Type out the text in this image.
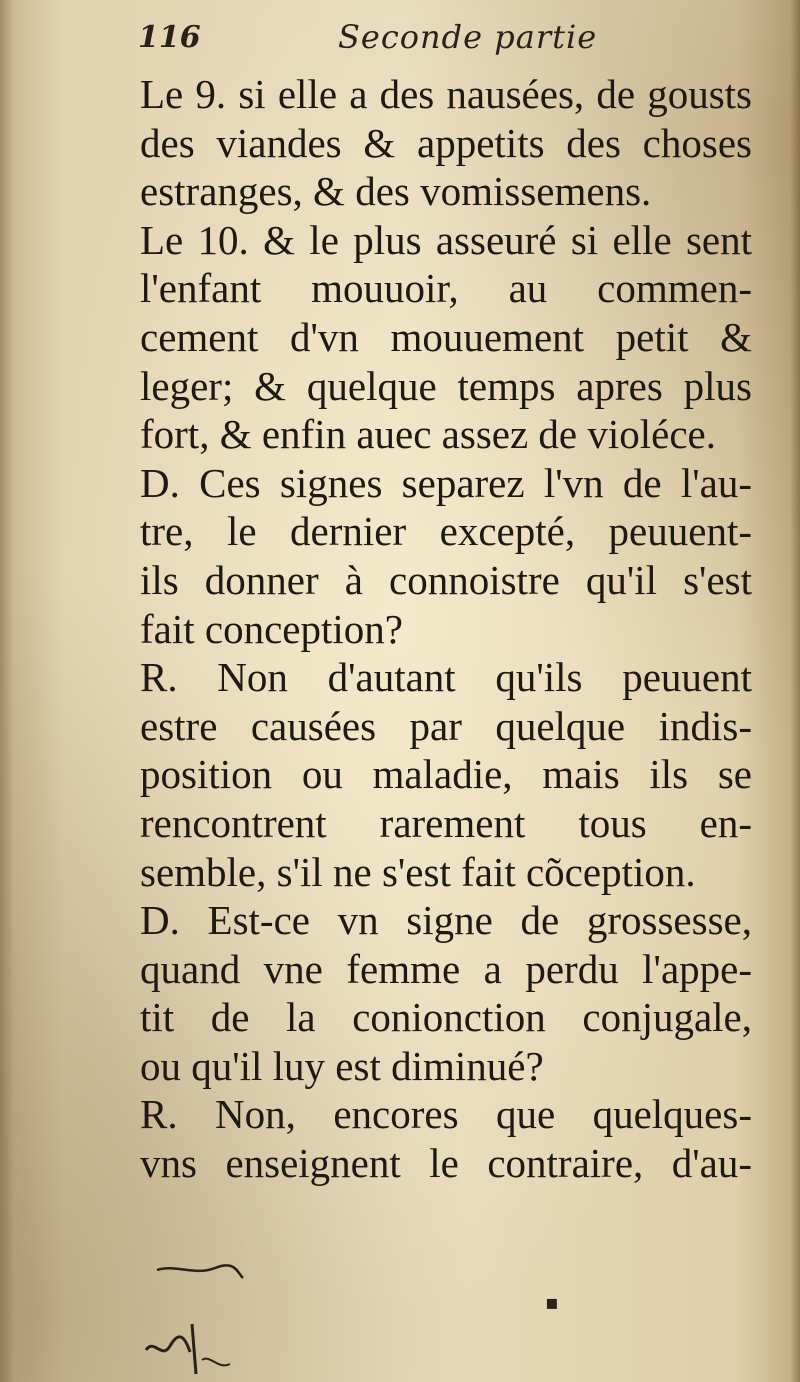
116	Seconde partie
Le 9. si elle a des nausées, de gousts
des viandes & appetits des choses
estranges, & des vomissemens.
Le 10. & le plus asseuré si elle sent
l'enfant mouuoir, au commen-
cement d'vn mouuement petit &
leger; & quelque temps apres plus
fort, & enfin auec assez de violéce.
D. Ces signes separez l'vn de l'au-
tre, le dernier excepté, peuuent-
ils donner à connoistre qu'il s'est
fait conception?
R. Non d'autant qu'ils peuuent
estre causées par quelque indis-
position ou maladie, mais ils se
rencontrent rarement tous en-
semble, s'il ne s'est fait cõception.
D. Est-ce vn signe de grossesse,
quand vne femme a perdu l'appe-
tit de la conionction conjugale,
ou qu'il luy est diminué?
R. Non, encores que quelques-
vns enseignent le contraire, d'au-
▪
